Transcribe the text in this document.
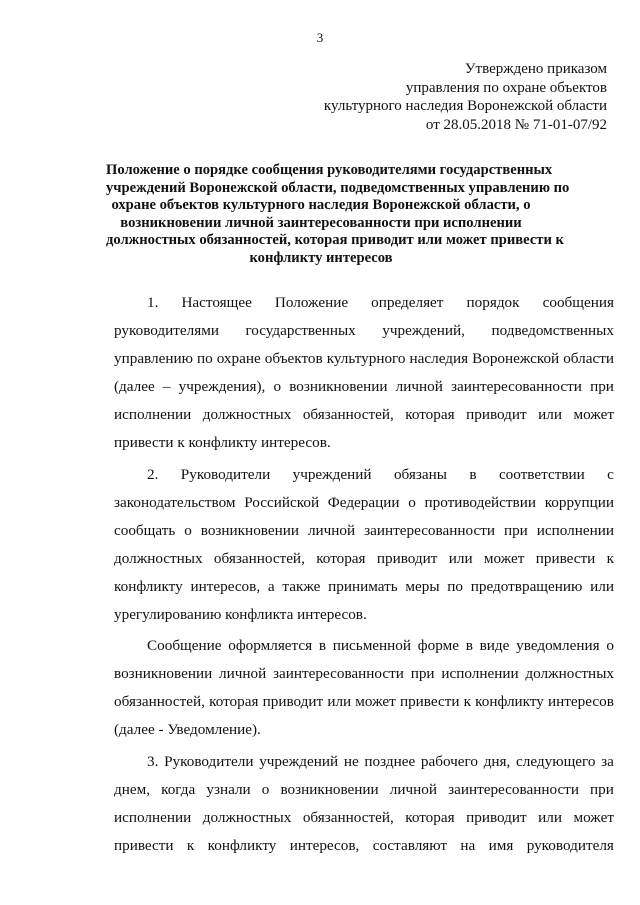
3
Утверждено приказом
управления по охране объектов
культурного наследия Воронежской области
от 28.05.2018 № 71-01-07/92
Положение о порядке сообщения руководителями государственных
учреждений Воронежской области, подведомственных управлению по
охране объектов культурного наследия Воронежской области, о
возникновении личной заинтересованности при исполнении
должностных обязанностей, которая приводит или может привести к
конфликту интересов
1. Настоящее Положение определяет порядок сообщения
руководителями государственных учреждений, подведомственных
управлению по охране объектов культурного наследия Воронежской области
(далее – учреждения), о возникновении личной заинтересованности при
исполнении должностных обязанностей, которая приводит или может
привести к конфликту интересов.
2. Руководители учреждений обязаны в соответствии с
законодательством Российской Федерации о противодействии коррупции
сообщать о возникновении личной заинтересованности при исполнении
должностных обязанностей, которая приводит или может привести к
конфликту интересов, а также принимать меры по предотвращению или
урегулированию конфликта интересов.
Сообщение оформляется в письменной форме в виде уведомления о
возникновении личной заинтересованности при исполнении должностных
обязанностей, которая приводит или может привести к конфликту интересов
(далее - Уведомление).
3. Руководители учреждений не позднее рабочего дня, следующего за
днем, когда узнали о возникновении личной заинтересованности при
исполнении должностных обязанностей, которая приводит или может
привести к конфликту интересов, составляют на имя руководителя
